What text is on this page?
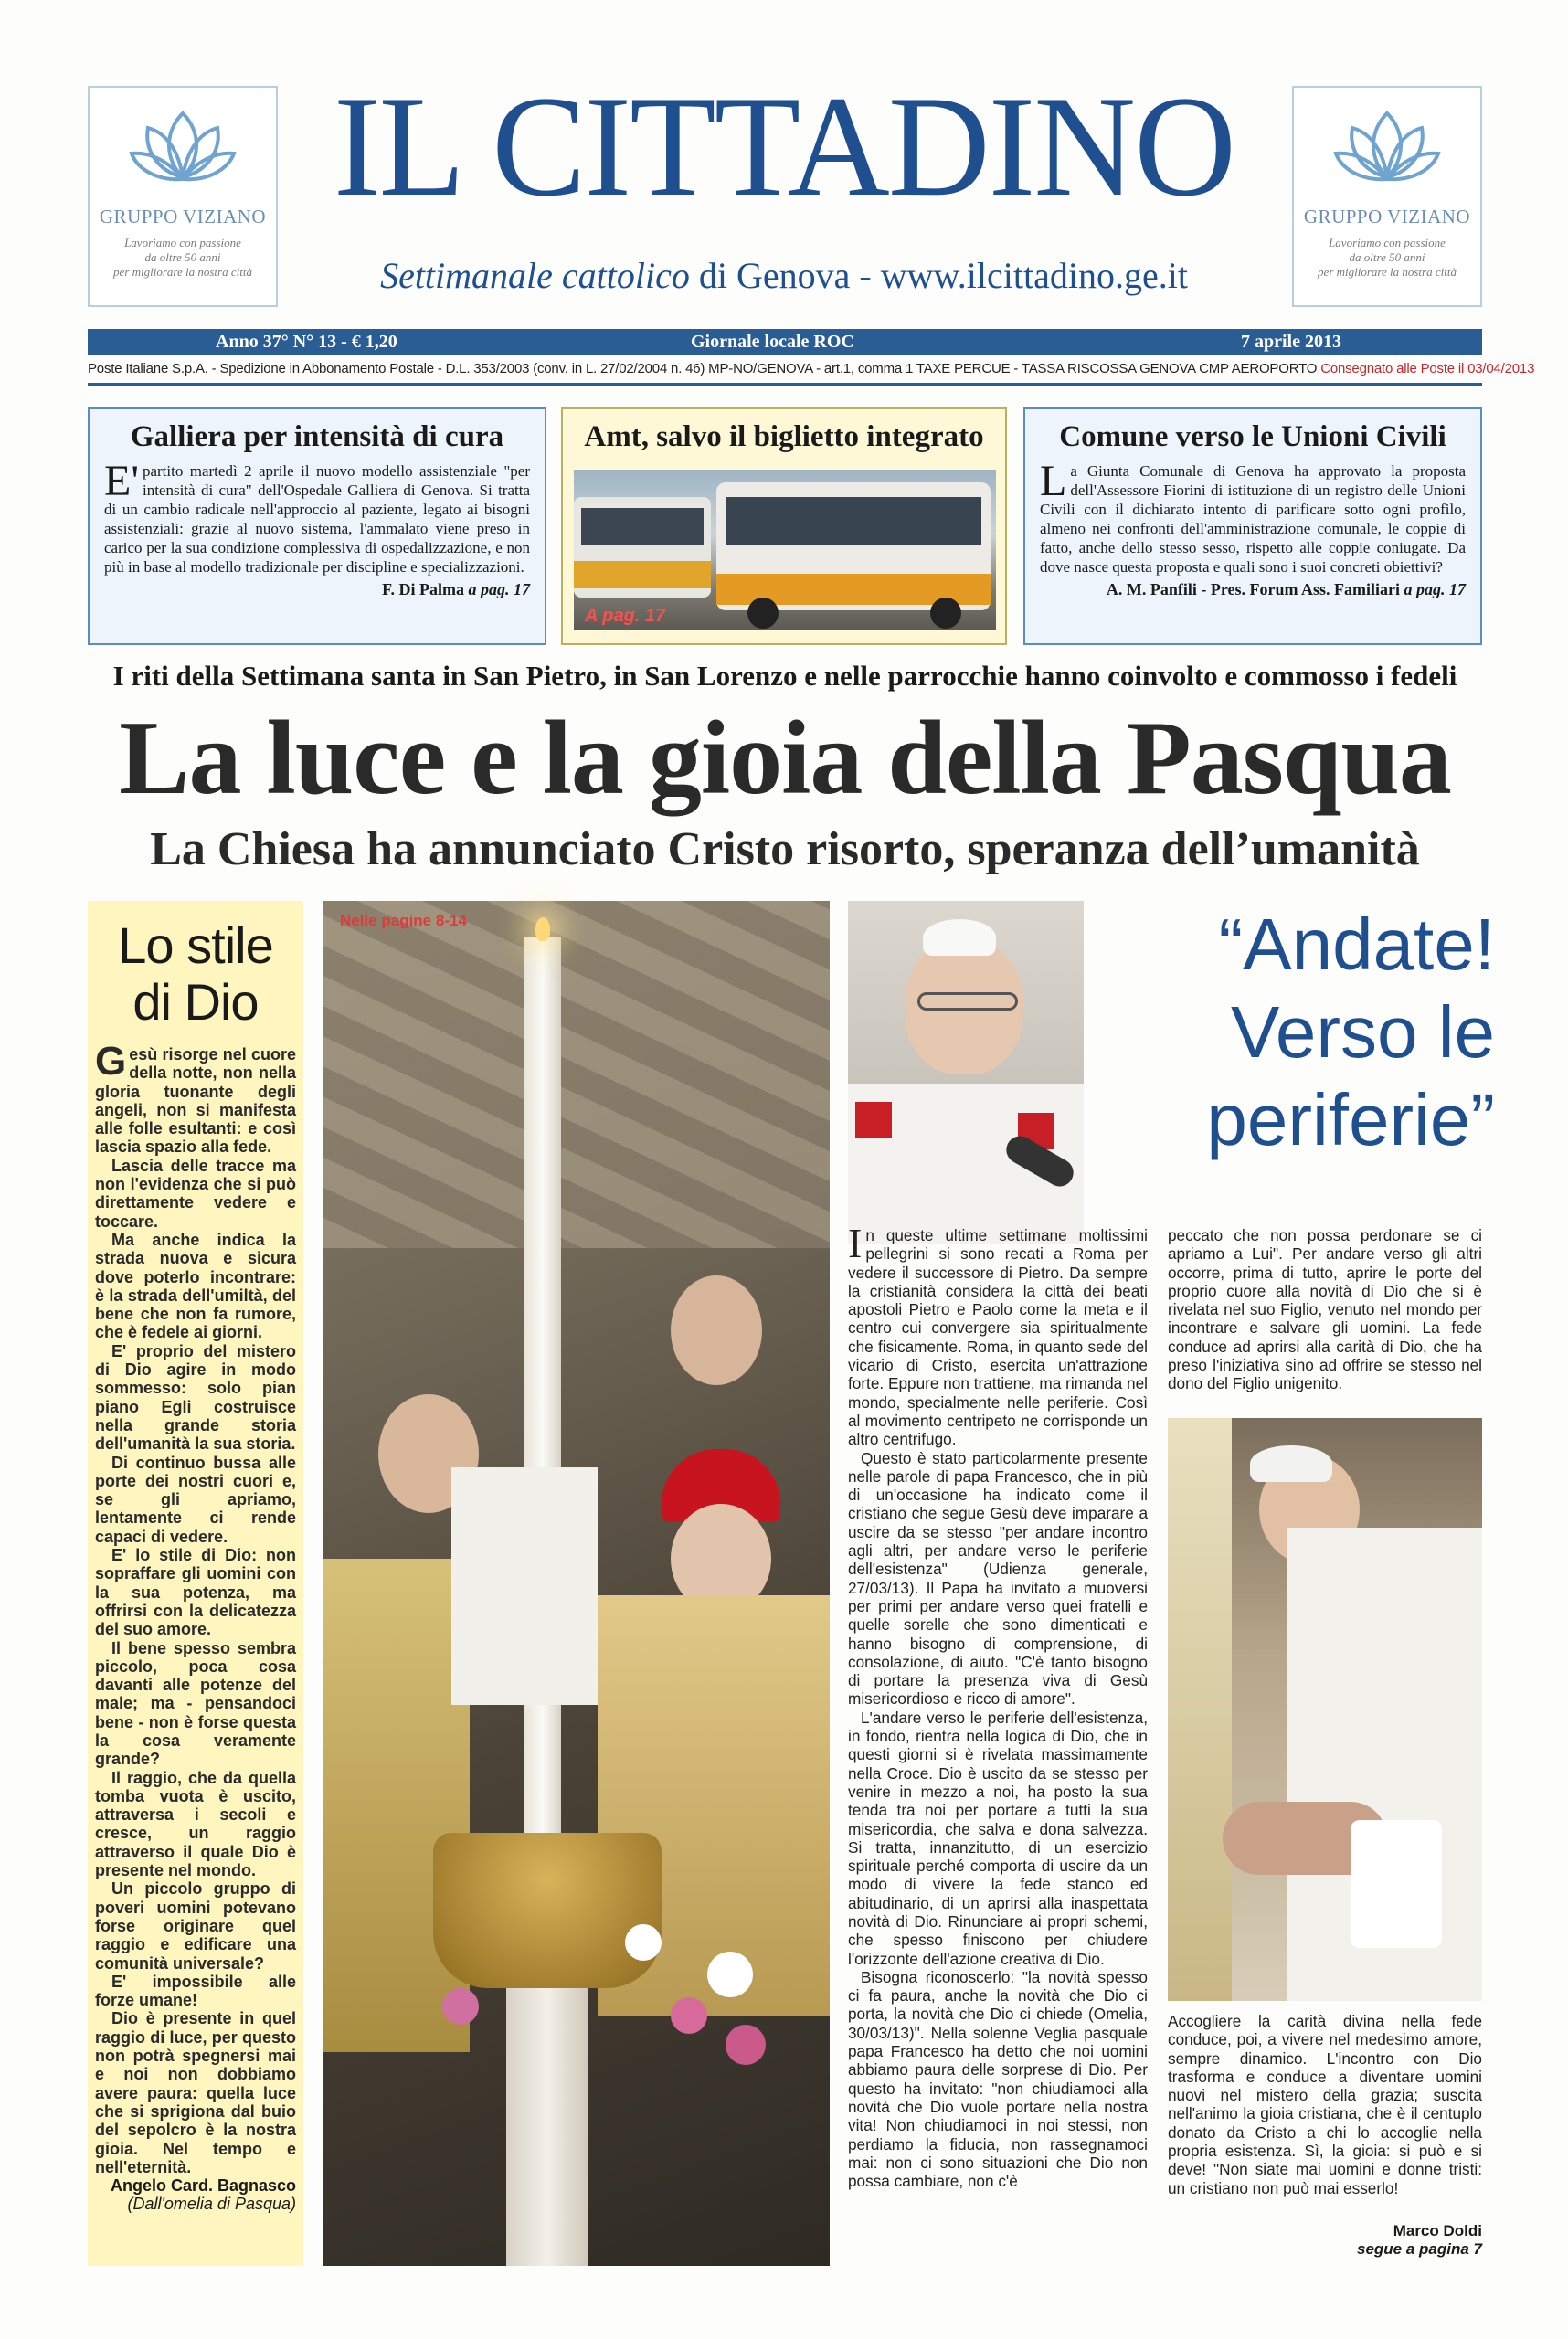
GRUPPO VIZIANO
Lavoriamo con passione
da oltre 50 anni
per migliorare la nostra città
GRUPPO VIZIANO
Lavoriamo con passione
da oltre 50 anni
per migliorare la nostra città
IL CITTADINO
Settimanale cattolico di Genova - www.ilcittadino.ge.it
Anno 37° N° 13 - € 1,20	Giornale locale ROC	7 aprile 2013
Poste Italiane S.p.A. - Spedizione in Abbonamento Postale - D.L. 353/2003 (conv. in L. 27/02/2004 n. 46) MP-NO/GENOVA - art.1, comma 1 TAXE PERCUE - TASSA RISCOSSA GENOVA CMP AEROPORTO Consegnato alle Poste il 03/04/2013
Galliera per intensità di cura
E' partito martedì 2 aprile il nuovo modello assistenziale "per intensità di cura" dell'Ospedale Galliera di Genova. Si tratta di un cambio radicale nell'approccio al paziente, legato ai bisogni assistenziali: grazie al nuovo sistema, l'ammalato viene preso in carico per la sua condizione complessiva di ospedalizzazione, e non più in base al modello tradizionale per discipline e specializzazioni.
F. Di Palma a pag. 17
Amt, salvo il biglietto integrato
A pag. 17
Comune verso le Unioni Civili
La Giunta Comunale di Genova ha approvato la proposta dell'Assessore Fiorini di istituzione di un registro delle Unioni Civili con il dichiarato intento di parificare sotto ogni profilo, almeno nei confronti dell'amministrazione comunale, le coppie di fatto, anche dello stesso sesso, rispetto alle coppie coniugate. Da dove nasce questa proposta e quali sono i suoi concreti obiettivi?
A. M. Panfili - Pres. Forum Ass. Familiari a pag. 17
I riti della Settimana santa in San Pietro, in San Lorenzo e nelle parrocchie hanno coinvolto e commosso i fedeli
La luce e la gioia della Pasqua
La Chiesa ha annunciato Cristo risorto, speranza dell’umanità
Lo stile
di Dio

Gesù risorge nel cuore della notte, non nella gloria tuonante degli angeli, non si manifesta alle folle esultanti: e così lascia spazio alla fede.

Lascia delle tracce ma non l'evidenza che si può direttamente vedere e toccare.

Ma anche indica la strada nuova e sicura dove poterlo incontrare: è la strada dell'umiltà, del bene che non fa rumore, che è fedele ai giorni.

E' proprio del mistero di Dio agire in modo sommesso: solo pian piano Egli costruisce nella grande storia dell'umanità la sua storia.

Di continuo bussa alle porte dei nostri cuori e, se gli apriamo, lentamente ci rende capaci di vedere.

E' lo stile di Dio: non sopraffare gli uomini con la sua potenza, ma offrirsi con la delicatezza del suo amore.

Il bene spesso sembra piccolo, poca cosa davanti alle potenze del male; ma - pensandoci bene - non è forse questa la cosa veramente grande?

Il raggio, che da quella tomba vuota è uscito, attraversa i secoli e cresce, un raggio attraverso il quale Dio è presente nel mondo.

Un piccolo gruppo di poveri uomini potevano forse originare quel raggio e edificare una comunità universale?

E' impossibile alle forze umane!

Dio è presente in quel raggio di luce, per questo non potrà spegnersi mai e noi non dobbiamo avere paura: quella luce che si sprigiona dal buio del sepolcro è la nostra gioia. Nel tempo e nell'eternità.

Angelo Card. Bagnasco
(Dall'omelia di Pasqua)
Nelle pagine 8-14	“Andate!
Verso le
periferie”

In queste ultime settimane moltissimi pellegrini si sono recati a Roma per vedere il successore di Pietro. Da sempre la cristianità considera la città dei beati apostoli Pietro e Paolo come la meta e il centro cui convergere sia spiritualmente che fisicamente. Roma, in quanto sede del vicario di Cristo, esercita un'attrazione forte. Eppure non trattiene, ma rimanda nel mondo, specialmente nelle periferie. Così al movimento centripeto ne corrisponde un altro centrifugo.

Questo è stato particolarmente presente nelle parole di papa Francesco, che in più di un'occasione ha indicato come il cristiano che segue Gesù deve imparare a uscire da se stesso "per andare incontro agli altri, per andare verso le periferie dell'esistenza" (Udienza generale, 27/03/13). Il Papa ha invitato a muoversi per primi per andare verso quei fratelli e quelle sorelle che sono dimenticati e hanno bisogno di comprensione, di consolazione, di aiuto. "C'è tanto bisogno di portare la presenza viva di Gesù misericordioso e ricco di amore".

L'andare verso le periferie dell'esistenza, in fondo, rientra nella logica di Dio, che in questi giorni si è rivelata massimamente nella Croce. Dio è uscito da se stesso per venire in mezzo a noi, ha posto la sua tenda tra noi per portare a tutti la sua misericordia, che salva e dona salvezza. Si tratta, innanzitutto, di un esercizio spirituale perché comporta di uscire da un modo di vivere la fede stanco ed abitudinario, di un aprirsi alla inaspettata novità di Dio. Rinunciare ai propri schemi, che spesso finiscono per chiudere l'orizzonte dell'azione creativa di Dio.

Bisogna riconoscerlo: "la novità spesso ci fa paura, anche la novità che Dio ci porta, la novità che Dio ci chiede (Omelia, 30/03/13)". Nella solenne Veglia pasquale papa Francesco ha detto che noi uomini abbiamo paura delle sorprese di Dio. Per questo ha invitato: "non chiudiamoci alla novità che Dio vuole portare nella nostra vita! Non chiudiamoci in noi stessi, non perdiamo la fiducia, non rassegnamoci mai: non ci sono situazioni che Dio non possa cambiare, non c'è

peccato che non possa perdonare se ci apriamo a Lui". Per andare verso gli altri occorre, prima di tutto, aprire le porte del proprio cuore alla novità di Dio che si è rivelata nel suo Figlio, venuto nel mondo per incontrare e salvare gli uomini. La fede conduce ad aprirsi alla carità di Dio, che ha preso l'iniziativa sino ad offrire se stesso nel dono del Figlio unigenito.

Accogliere la carità divina nella fede conduce, poi, a vivere nel medesimo amore, sempre dinamico. L'incontro con Dio trasforma e conduce a diventare uomini nuovi nel mistero della grazia; suscita nell'animo la gioia cristiana, che è il centuplo donato da Cristo a chi lo accoglie nella propria esistenza. Sì, la gioia: si può e si deve! "Non siate mai uomini e donne tristi: un cristiano non può mai esserlo!

Marco Doldi
segue a pagina 7
